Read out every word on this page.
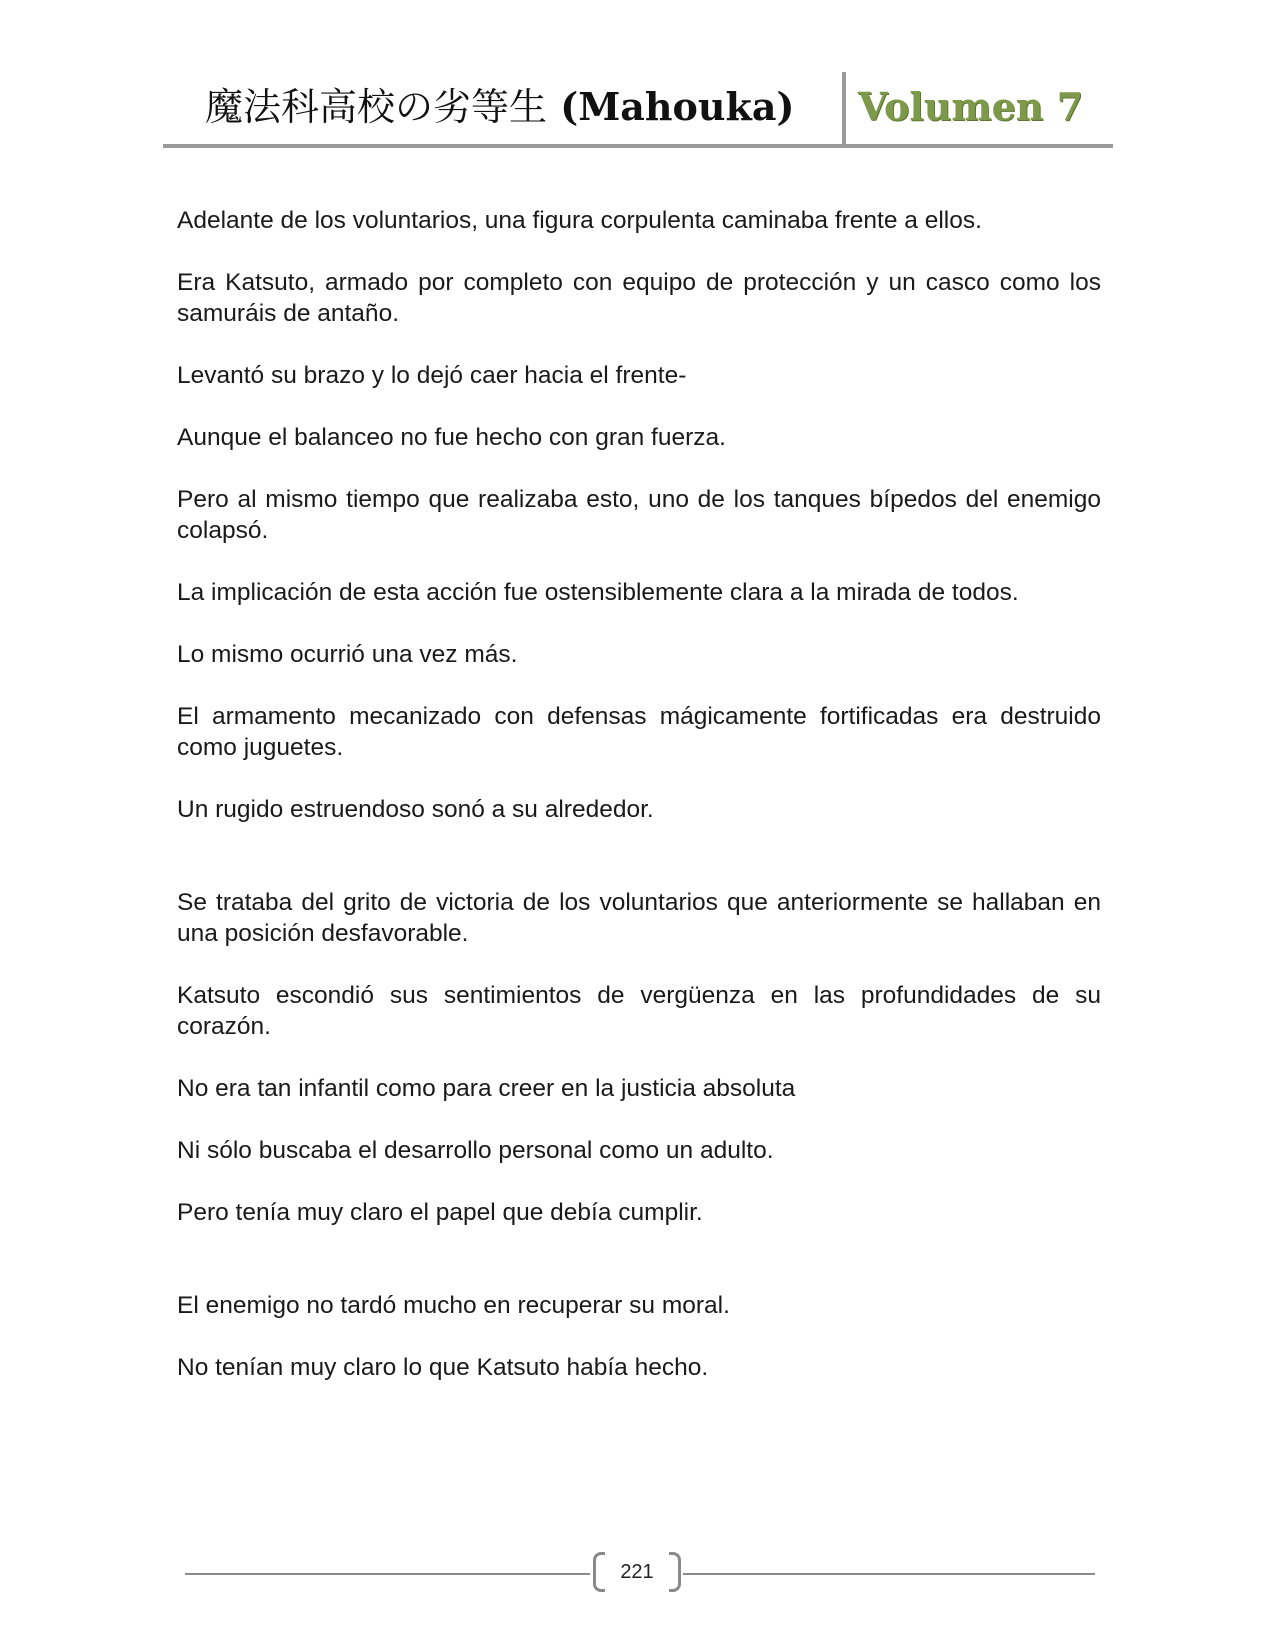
魔法科高校の劣等生 (Mahouka) Volumen 7

Adelante de los voluntarios, una figura corpulenta caminaba frente a ellos.

Era Katsuto, armado por completo con equipo de protección y un casco como los samuráis de antaño.

Levantó su brazo y lo dejó caer hacia el frente-

Aunque el balanceo no fue hecho con gran fuerza.

Pero al mismo tiempo que realizaba esto, uno de los tanques bípedos del enemigo colapsó.

La implicación de esta acción fue ostensiblemente clara a la mirada de todos.

Lo mismo ocurrió una vez más.

El armamento mecanizado con defensas mágicamente fortificadas era destruido como juguetes.

Un rugido estruendoso sonó a su alrededor.

Se trataba del grito de victoria de los voluntarios que anteriormente se hallaban en una posición desfavorable.

Katsuto escondió sus sentimientos de vergüenza en las profundidades de su corazón.

No era tan infantil como para creer en la justicia absoluta

Ni sólo buscaba el desarrollo personal como un adulto.

Pero tenía muy claro el papel que debía cumplir.

El enemigo no tardó mucho en recuperar su moral.

No tenían muy claro lo que Katsuto había hecho.

221
